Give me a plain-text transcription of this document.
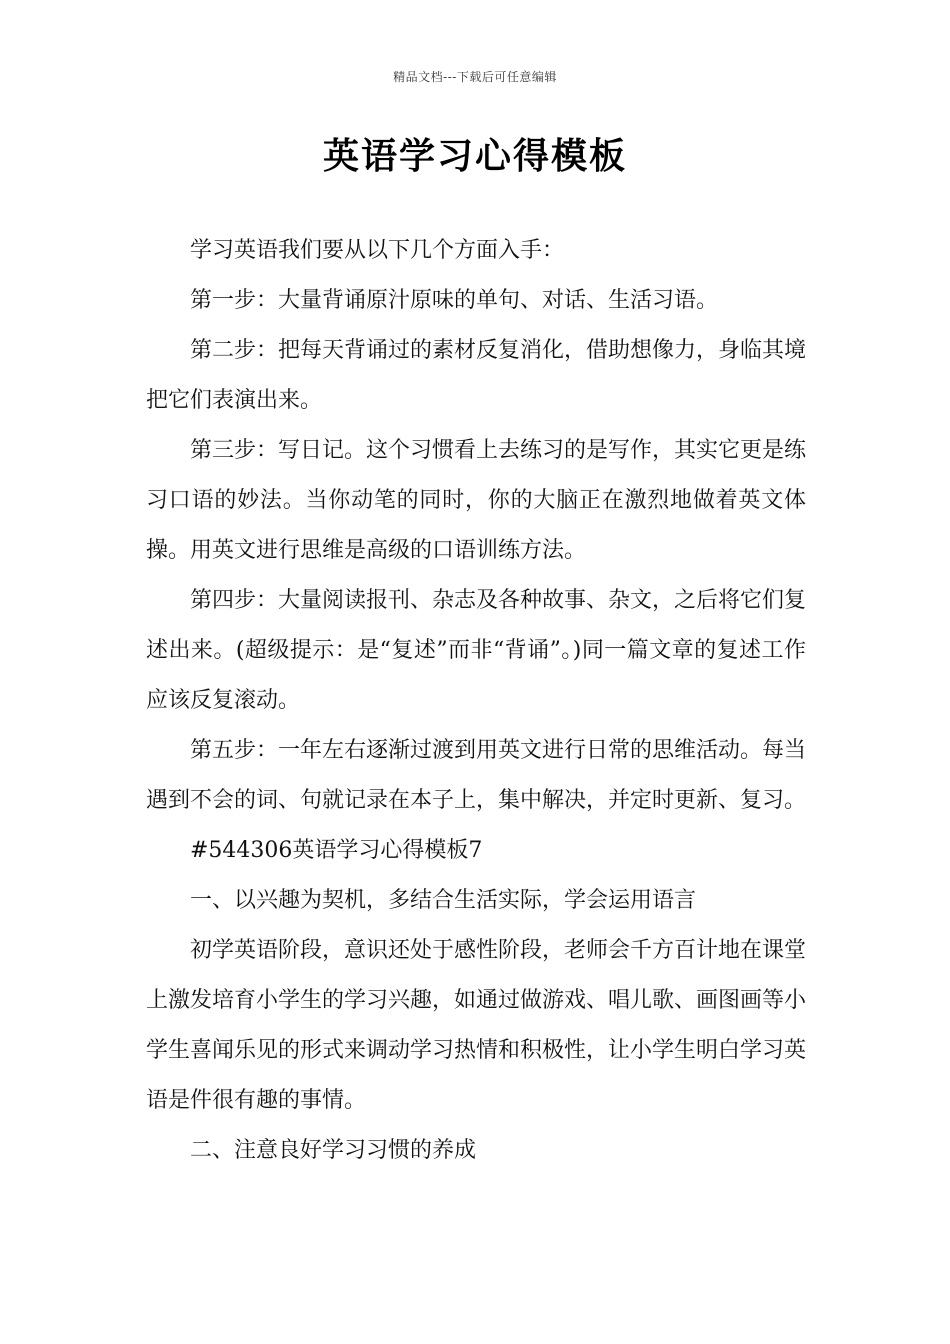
精品文档---下载后可任意编辑
英语学习心得模板

学习英语我们要从以下几个方面入手：

第一步：大量背诵原汁原味的单句、对话、生活习语。

第二步：把每天背诵过的素材反复消化，借助想像力，身临其境把它们表演出来。

第三步：写日记。这个习惯看上去练习的是写作，其实它更是练习口语的妙法。当你动笔的同时，你的大脑正在激烈地做着英文体操。用英文进行思维是高级的口语训练方法。

第四步：大量阅读报刊、杂志及各种故事、杂文，之后将它们复述出来。(超级提示：是“复述”而非“背诵”。)同一篇文章的复述工作应该反复滚动。

第五步：一年左右逐渐过渡到用英文进行日常的思维活动。每当遇到不会的词、句就记录在本子上，集中解决，并定时更新、复习。

#544306英语学习心得模板7

一、以兴趣为契机，多结合生活实际，学会运用语言

初学英语阶段，意识还处于感性阶段，老师会千方百计地在课堂上激发培育小学生的学习兴趣，如通过做游戏、唱儿歌、画图画等小学生喜闻乐见的形式来调动学习热情和积极性，让小学生明白学习英语是件很有趣的事情。

二、注意良好学习习惯的养成
